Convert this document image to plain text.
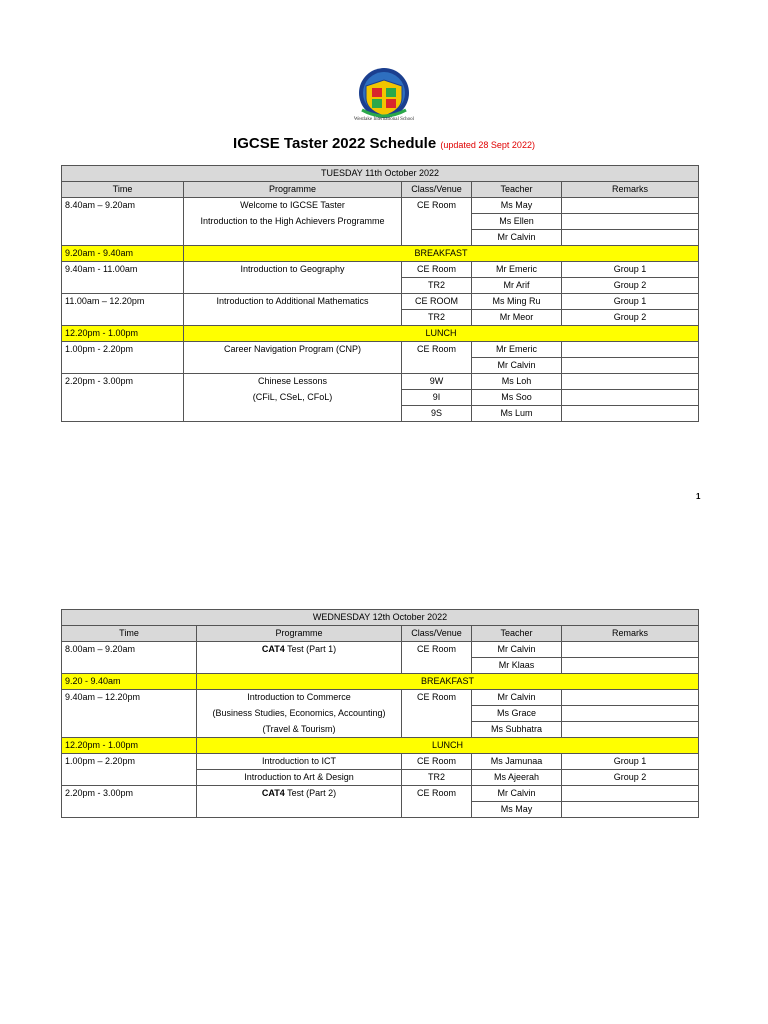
Westlake International School
IGCSE Taster 2022 Schedule (updated 28 Sept 2022)
TUESDAY 11th October 2022				
Time	Programme	Class/Venue	Teacher	Remarks
8.40am – 9.20am	Welcome to IGCSE Taster	CE Room	Ms May	
	Introduction to the High Achievers Programme		Ms Ellen	
			Mr Calvin	
9.20am - 9.40am	BREAKFAST			
9.40am - 11.00am	Introduction to Geography	CE Room	Mr Emeric	Group 1
		TR2	Mr Arif	Group 2
11.00am – 12.20pm	Introduction to Additional Mathematics	CE ROOM	Ms Ming Ru	Group 1
		TR2	Mr Meor	Group 2
12.20pm - 1.00pm	LUNCH			
1.00pm - 2.20pm	Career Navigation Program (CNP)	CE Room	Mr Emeric	
			Mr Calvin	
2.20pm - 3.00pm	Chinese Lessons	9W	Ms Loh	
	(CFiL, CSeL, CFoL)	9I	Ms Soo	
		9S	Ms Lum	
1
WEDNESDAY 12th October 2022				
Time	Programme	Class/Venue	Teacher	Remarks
8.00am – 9.20am	CAT4 Test (Part 1)	CE Room	Mr Calvin	
			Mr Klaas	
9.20 - 9.40am	BREAKFAST			
9.40am – 12.20pm	Introduction to Commerce	CE Room	Mr Calvin	
	(Business Studies, Economics, Accounting)		Ms Grace	
	(Travel & Tourism)		Ms Subhatra	
12.20pm - 1.00pm	LUNCH			
1.00pm – 2.20pm	Introduction to ICT	CE Room	Ms Jamunaa	Group 1
	Introduction to Art & Design	TR2	Ms Ajeerah	Group 2
2.20pm - 3.00pm	CAT4 Test (Part 2)	CE Room	Mr Calvin	
			Ms May	
